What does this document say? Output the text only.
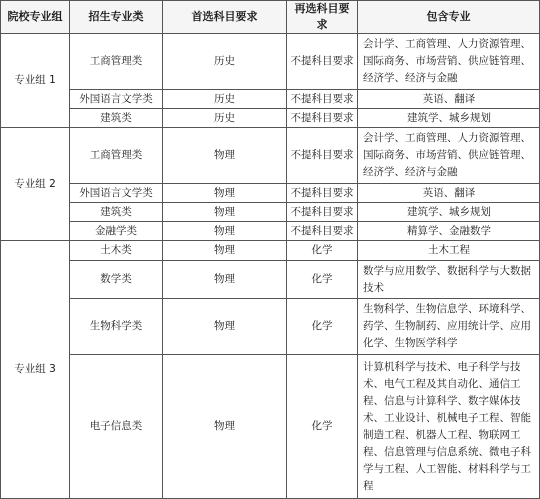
院校专业组	招生专业类	首选科目要求	再选科目要求	包含专业
专业组 1	工商管理类	历史	不提科目要求	会计学、工商管理、人力资源管理、国际商务、市场营销、供应链管理、经济学、经济与金融
	外国语言文学类	历史	不提科目要求	英语、翻译
	建筑类	历史	不提科目要求	建筑学、城乡规划
专业组 2	工商管理类	物理	不提科目要求	会计学、工商管理、人力资源管理、国际商务、市场营销、供应链管理、经济学、经济与金融
	外国语言文学类	物理	不提科目要求	英语、翻译
	建筑类	物理	不提科目要求	建筑学、城乡规划
	金融学类	物理	不提科目要求	精算学、金融数学
专业组 3	土木类	物理	化学	土木工程
	数学类	物理	化学	数学与应用数学、数据科学与大数据技术
	生物科学类	物理	化学	生物科学、生物信息学、环境科学、药学、生物制药、应用统计学、应用化学、生物医学科学
	电子信息类	物理	化学	计算机科学与技术、电子科学与技术、电气工程及其自动化、通信工程、信息与计算科学、数字媒体技术、工业设计、机械电子工程、智能制造工程、机器人工程、物联网工程、信息管理与信息系统、微电子科学与工程、人工智能、材料科学与工程
